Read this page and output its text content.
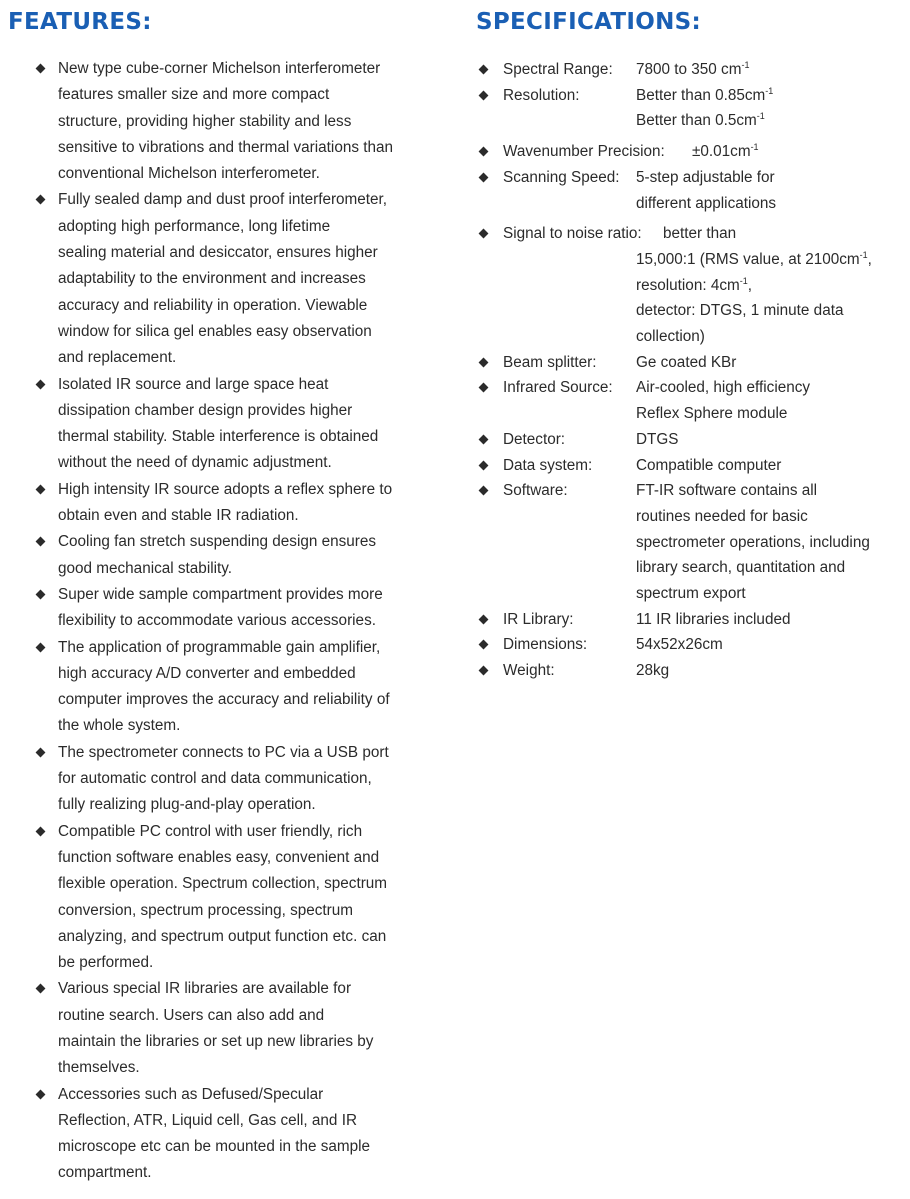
FEATURES:
New type cube-corner Michelson interferometer
features smaller size and more compact
structure, providing higher stability and less
sensitive to vibrations and thermal variations than
conventional Michelson interferometer.
Fully sealed damp and dust proof interferometer,
adopting high performance, long lifetime
sealing material and desiccator, ensures higher
adaptability to the environment and increases
accuracy and reliability in operation. Viewable
window for silica gel enables easy observation
and replacement.
Isolated IR source and large space heat
dissipation chamber design provides higher
thermal stability. Stable interference is obtained
without the need of dynamic adjustment.
High intensity IR source adopts a reflex sphere to
obtain even and stable IR radiation.
Cooling fan stretch suspending design ensures
good mechanical stability.
Super wide sample compartment provides more
flexibility to accommodate various accessories.
The application of programmable gain amplifier,
high accuracy A/D converter and embedded
computer improves the accuracy and reliability of
the whole system.
The spectrometer connects to PC via a USB port
for automatic control and data communication,
fully realizing plug-and-play operation.
Compatible PC control with user friendly, rich
function software enables easy, convenient and
flexible operation. Spectrum collection, spectrum
conversion, spectrum processing, spectrum
analyzing, and spectrum output function etc. can
be performed.
Various special IR libraries are available for
routine search. Users can also add and
maintain the libraries or set up new libraries by
themselves.
Accessories such as Defused/Specular
Reflection, ATR, Liquid cell, Gas cell, and IR
microscope etc can be mounted in the sample
compartment.
SPECIFICATIONS:
Spectral Range: 7800 to 350 $cm^{-1}$
Resolution:	Better than $0.85cm^{-1}$
Better than $0.5cm^{-1}$
Wavenumber Precision:	$\pm 0.01cm^{-1}$
Scanning Speed: 5-step adjustable for
different applications
Signal to noise ratio:	better than
15,000:1 (RMS value, at $2100cm^{-1}$,
resolution: $4cm^{-1}$,
detector: DTGS, 1 minute data
collection)
Beam splitter:	Ge coated KBr
Infrared Source: Air-cooled, high efficiency
Reflex Sphere module
Detector:	DTGS
Data system:	Compatible computer
Software:	FT-IR software contains all
routines needed for basic
spectrometer operations, including
library search, quantitation and
spectrum export
IR Library:	11 IR libraries included
Dimensions:	54x52x26cm
Weight:	28kg
